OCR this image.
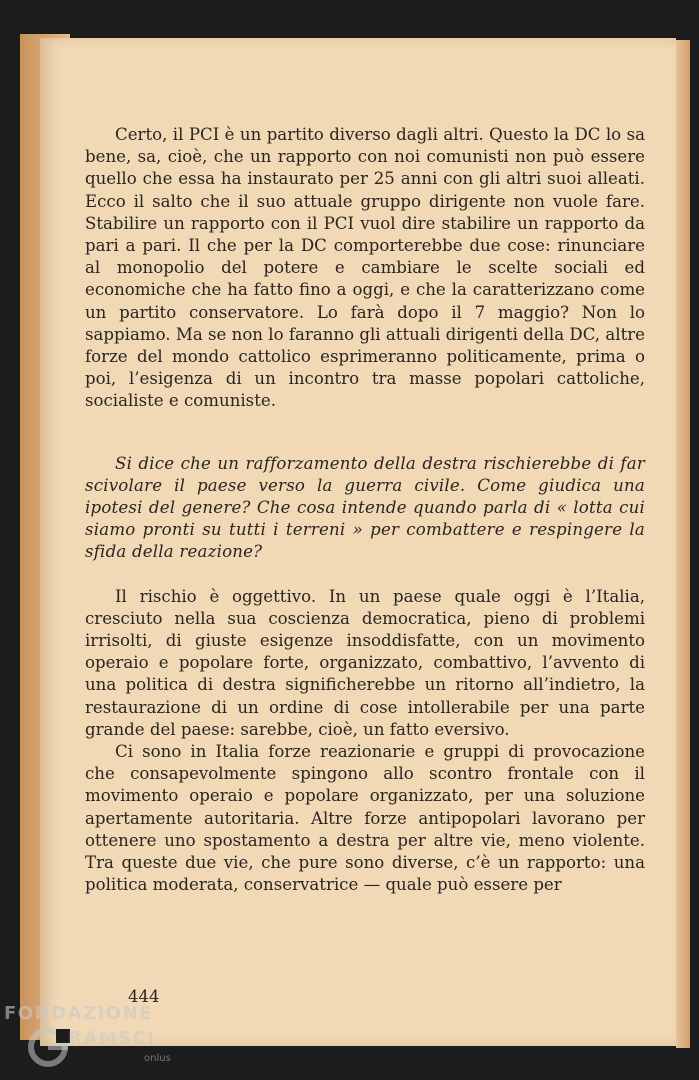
Certo, il PCI è un partito diverso dagli altri. Questo la DC lo sa bene, sa, cioè, che un rapporto con noi comunisti non può essere quello che essa ha instaurato per 25 anni con gli altri suoi alleati. Ecco il salto che il suo attuale gruppo dirigente non vuole fare. Stabilire un rapporto con il PCI vuol dire stabilire un rapporto da pari a pari. Il che per la DC comporterebbe due cose: rinunciare al monopolio del potere e cambiare le scelte sociali ed economiche che ha fatto fino a oggi, e che la caratterizzano come un partito conservatore. Lo farà dopo il 7 maggio? Non lo sappiamo. Ma se non lo faranno gli attuali dirigenti della DC, altre forze del mondo cattolico esprimeranno politicamente, prima o poi, l’esigenza di un incontro tra masse popolari cattoliche, socialiste e comuniste.

Si dice che un rafforzamento della destra rischierebbe di far scivolare il paese verso la guerra civile. Come giudica una ipotesi del genere? Che cosa intende quando parla di « lotta cui siamo pronti su tutti i terreni » per combattere e respingere la sfida della reazione?

Il rischio è oggettivo. In un paese quale oggi è l’Italia, cresciuto nella sua coscienza democratica, pieno di problemi irrisolti, di giuste esigenze insoddisfatte, con un movimento operaio e popolare forte, organizzato, combattivo, l’avvento di una politica di destra significherebbe un ritorno all’indietro, la restaurazione di un ordine di cose intollerabile per una parte grande del paese: sarebbe, cioè, un fatto eversivo.

Ci sono in Italia forze reazionarie e gruppi di provocazione che consapevolmente spingono allo scontro frontale con il movimento operaio e popolare organizzato, per una soluzione apertamente autoritaria. Altre forze antipopolari lavorano per ottenere uno spostamento a destra per altre vie, meno violente. Tra queste due vie, che pure sono diverse, c’è un rapporto: una politica moderata, conservatrice — quale può essere per

444
FONDAZIONE
RAMSCI
onlus
